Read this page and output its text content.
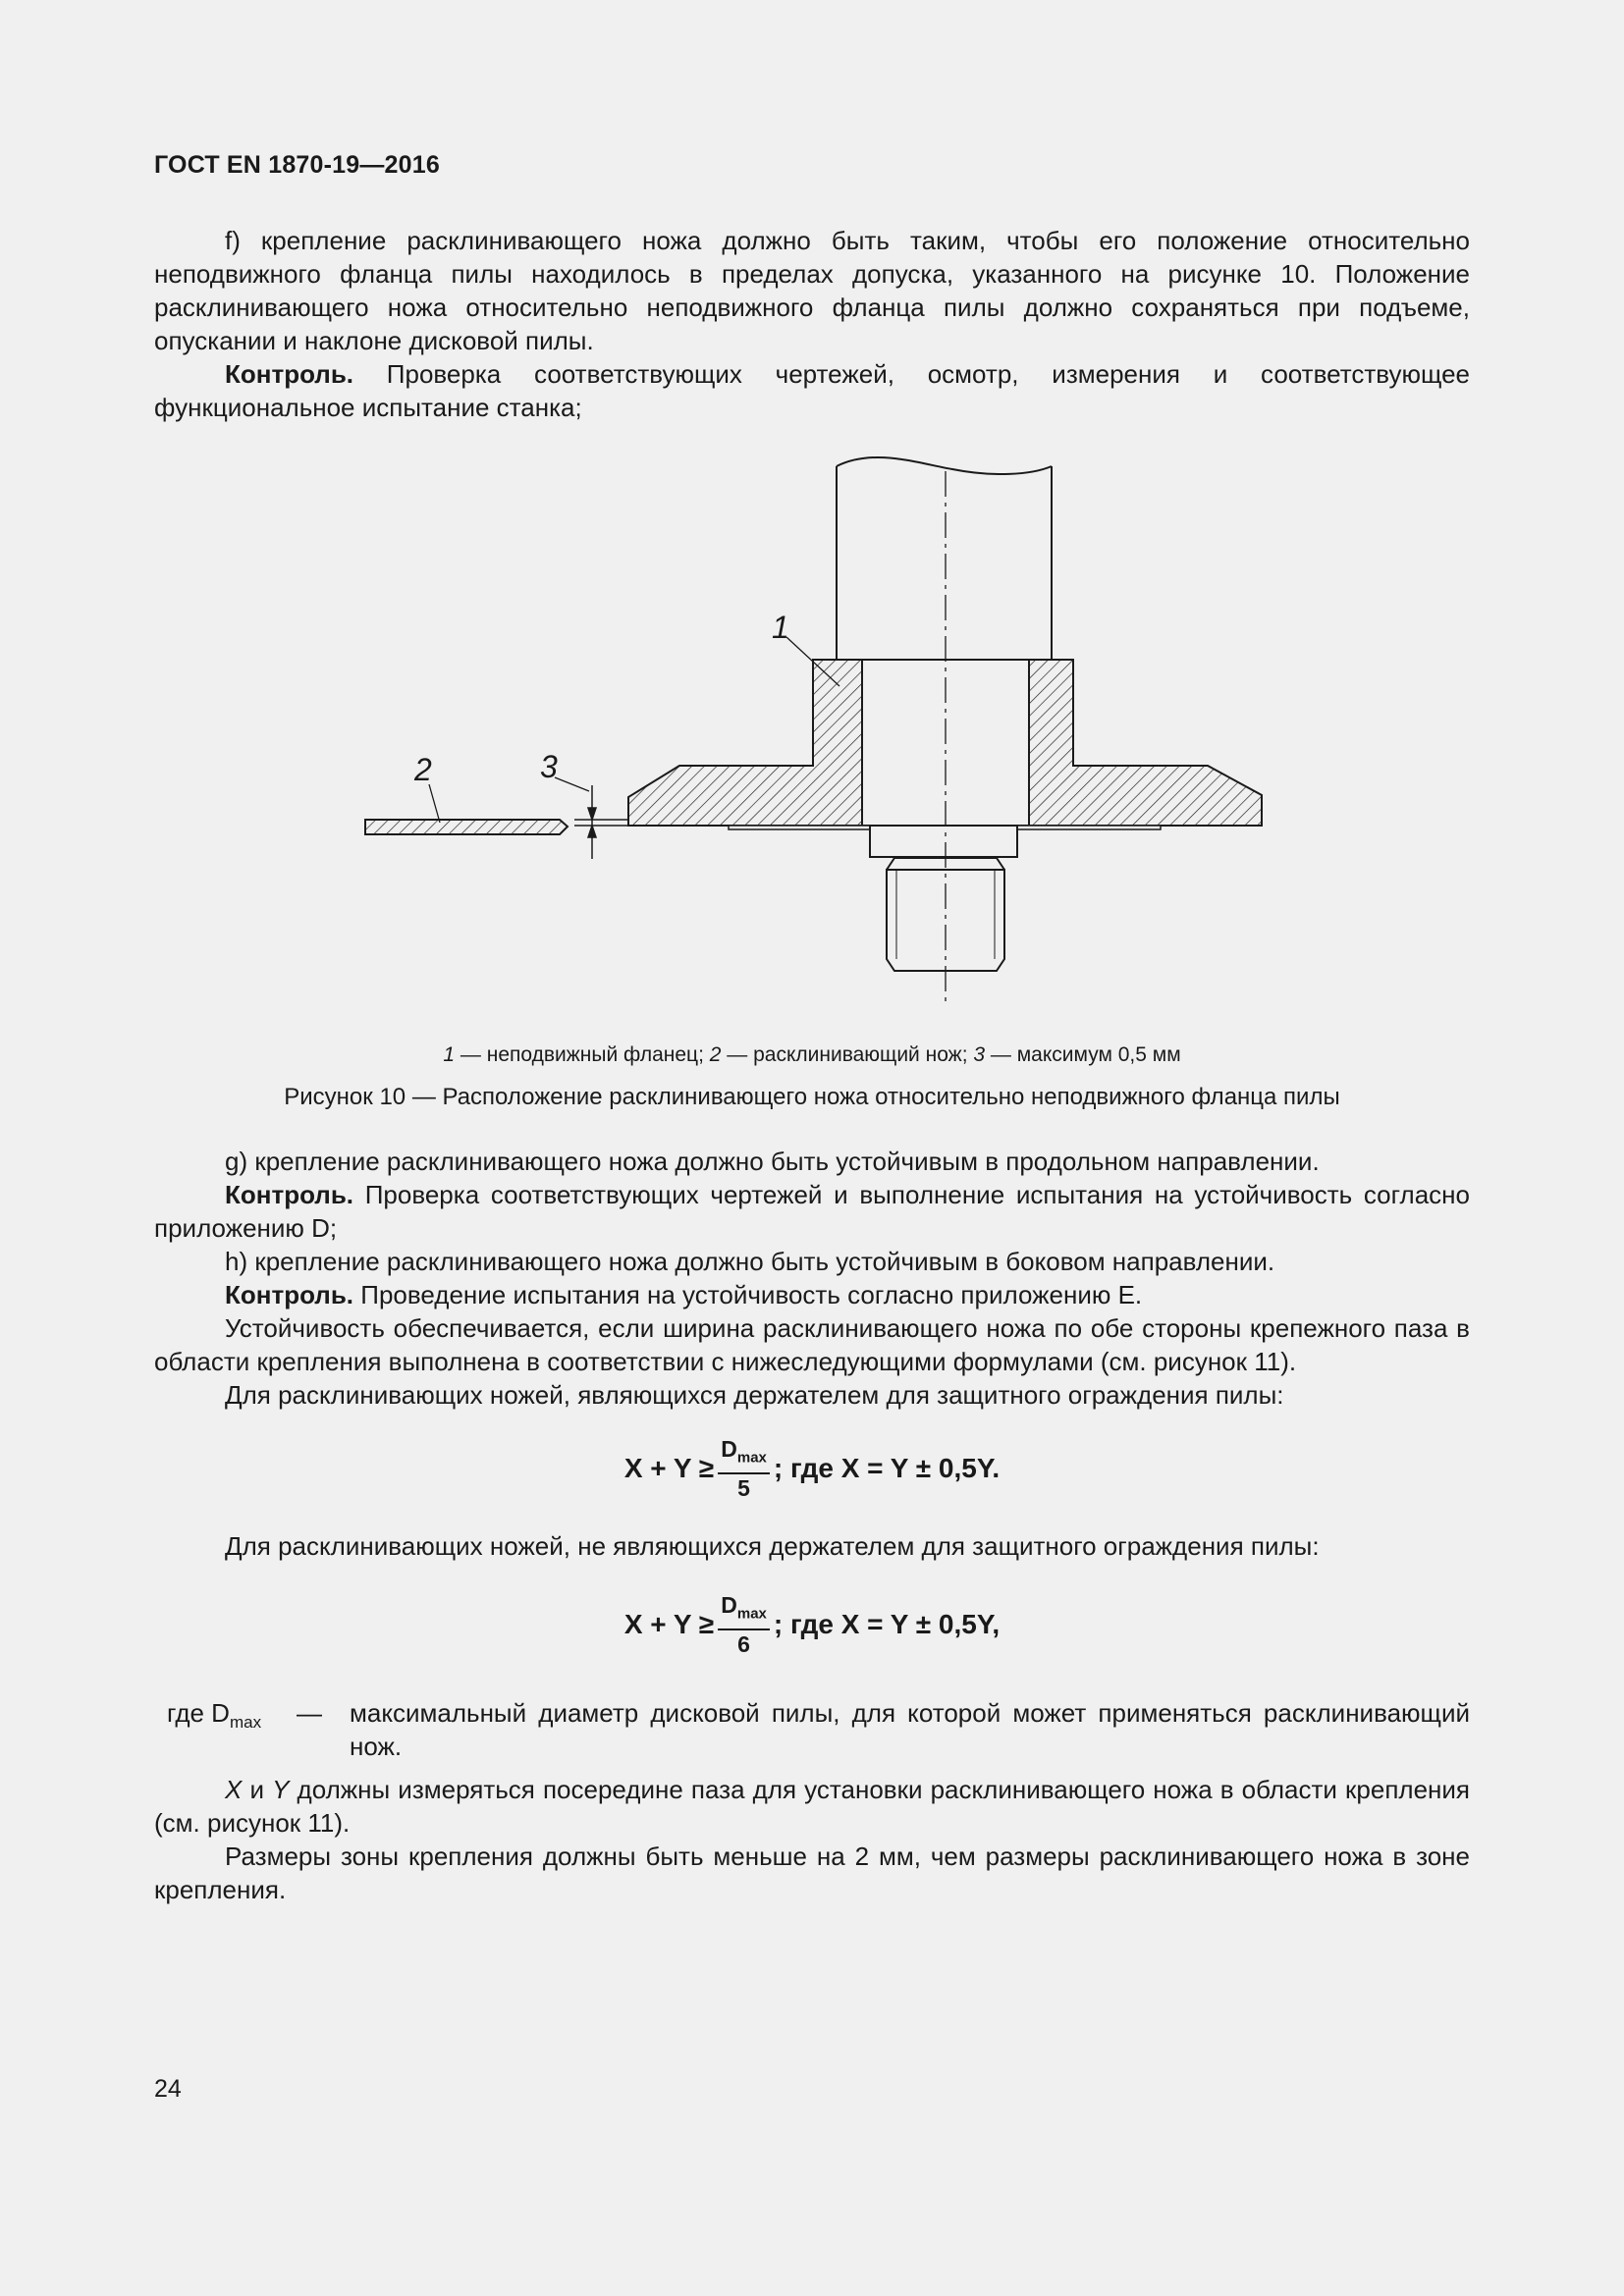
ГОСТ EN 1870-19—2016

f) крепление расклинивающего ножа должно быть таким, чтобы его положение относительно неподвижного фланца пилы находилось в пределах допуска, указанного на рисунке 10. Положение расклинивающего ножа относительно неподвижного фланца пилы должно сохраняться при подъеме, опускании и наклоне дисковой пилы.

Контроль. Проверка соответствующих чертежей, осмотр, измерения и соответствующее функциональное испытание станка;

1
2	3
1 — неподвижный фланец; 2 — расклинивающий нож; 3 — максимум 0,5 мм
Рисунок 10 — Расположение расклинивающего ножа относительно неподвижного фланца пилы

g) крепление расклинивающего ножа должно быть устойчивым в продольном направлении.

Контроль. Проверка соответствующих чертежей и выполнение испытания на устойчивость согласно приложению D;

h) крепление расклинивающего ножа должно быть устойчивым в боковом направлении.

Контроль. Проведение испытания на устойчивость согласно приложению E.

Устойчивость обеспечивается, если ширина расклинивающего ножа по обе стороны крепежного паза в области крепления выполнена в соответствии с нижеследующими формулами (см. рисунок 11).

Для расклинивающих ножей, являющихся держателем для защитного ограждения пилы:

$X + Y \ge \frac{D_{max}}{5}$ ; где X = Y ± 0,5Y.

Для расклинивающих ножей, не являющихся держателем для защитного ограждения пилы:

$X + Y \ge \frac{D_{max}}{6}$ ; где X = Y ± 0,5Y,
где $D_{max}$ — максимальный диаметр дисковой пилы, для которой может применяться расклинивающий нож.

X и Y должны измеряться посередине паза для установки расклинивающего ножа в области крепления (см. рисунок 11).

Размеры зоны крепления должны быть меньше на 2 мм, чем размеры расклинивающего ножа в зоне крепления.

24
